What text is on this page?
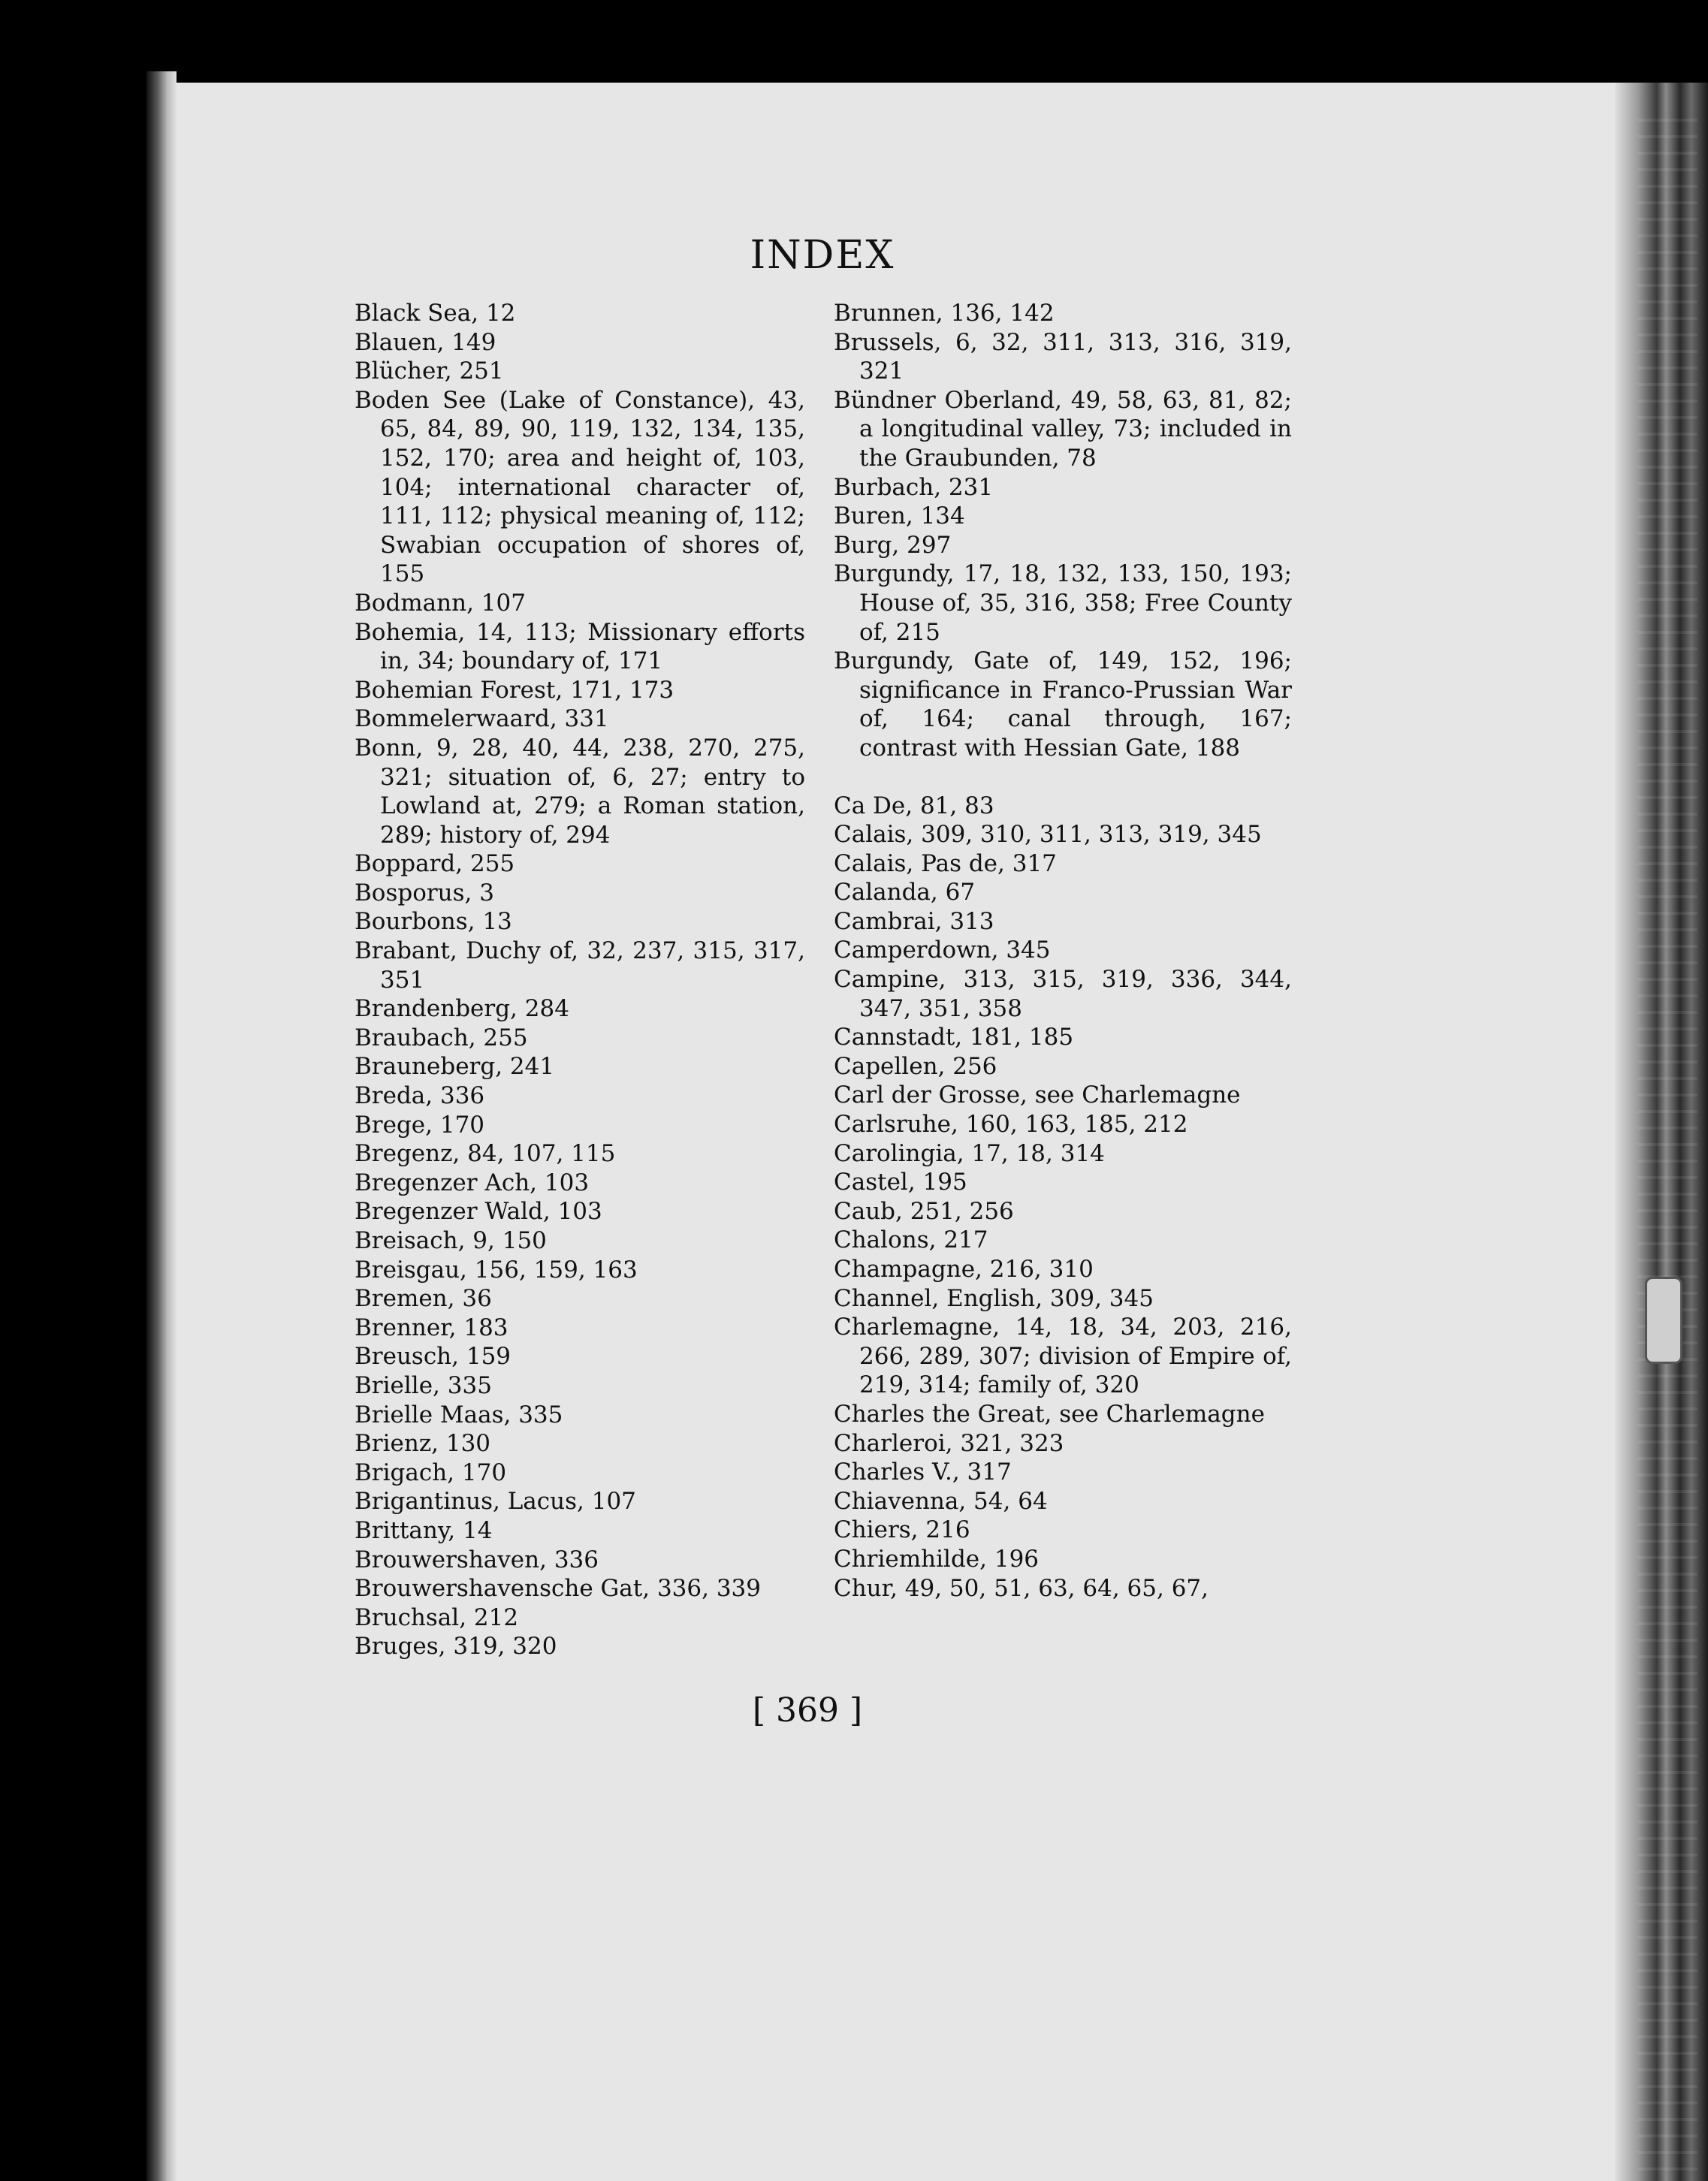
INDEX

Black Sea, 12

Blauen, 149

Blücher, 251

Boden See (Lake of Constance), 43, 65, 84, 89, 90, 119, 132, 134, 135, 152, 170; area and height of, 103, 104; international character of, 111, 112; physical meaning of, 112; Swabian occupation of shores of, 155

Bodmann, 107

Bohemia, 14, 113; Missionary efforts in, 34; boundary of, 171

Bohemian Forest, 171, 173

Bommelerwaard, 331

Bonn, 9, 28, 40, 44, 238, 270, 275, 321; situation of, 6, 27; entry to Lowland at, 279; a Roman station, 289; history of, 294

Boppard, 255

Bosporus, 3

Bourbons, 13

Brabant, Duchy of, 32, 237, 315, 317, 351

Brandenberg, 284

Braubach, 255

Brauneberg, 241

Breda, 336

Brege, 170

Bregenz, 84, 107, 115

Bregenzer Ach, 103

Bregenzer Wald, 103

Breisach, 9, 150

Breisgau, 156, 159, 163

Bremen, 36

Brenner, 183

Breusch, 159

Brielle, 335

Brielle Maas, 335

Brienz, 130

Brigach, 170

Brigantinus, Lacus, 107

Brittany, 14

Brouwershaven, 336

Brouwershavensche Gat, 336, 339

Bruchsal, 212

Bruges, 319, 320

Brunnen, 136, 142

Brussels, 6, 32, 311, 313, 316, 319, 321

Bündner Oberland, 49, 58, 63, 81, 82; a longitudinal valley, 73; included in the Graubunden, 78

Burbach, 231

Buren, 134

Burg, 297

Burgundy, 17, 18, 132, 133, 150, 193; House of, 35, 316, 358; Free County of, 215

Burgundy, Gate of, 149, 152, 196; significance in Franco-Prussian War of, 164; canal through, 167; contrast with Hessian Gate, 188

Ca De, 81, 83

Calais, 309, 310, 311, 313, 319, 345

Calais, Pas de, 317

Calanda, 67

Cambrai, 313

Camperdown, 345

Campine, 313, 315, 319, 336, 344, 347, 351, 358

Cannstadt, 181, 185

Capellen, 256

Carl der Grosse, see Charlemagne

Carlsruhe, 160, 163, 185, 212

Carolingia, 17, 18, 314

Castel, 195

Caub, 251, 256

Chalons, 217

Champagne, 216, 310

Channel, English, 309, 345

Charlemagne, 14, 18, 34, 203, 216, 266, 289, 307; division of Empire of, 219, 314; family of, 320

Charles the Great, see Charlemagne

Charleroi, 321, 323

Charles V., 317

Chiavenna, 54, 64

Chiers, 216

Chriemhilde, 196

Chur, 49, 50, 51, 63, 64, 65, 67,

[ 369 ]
